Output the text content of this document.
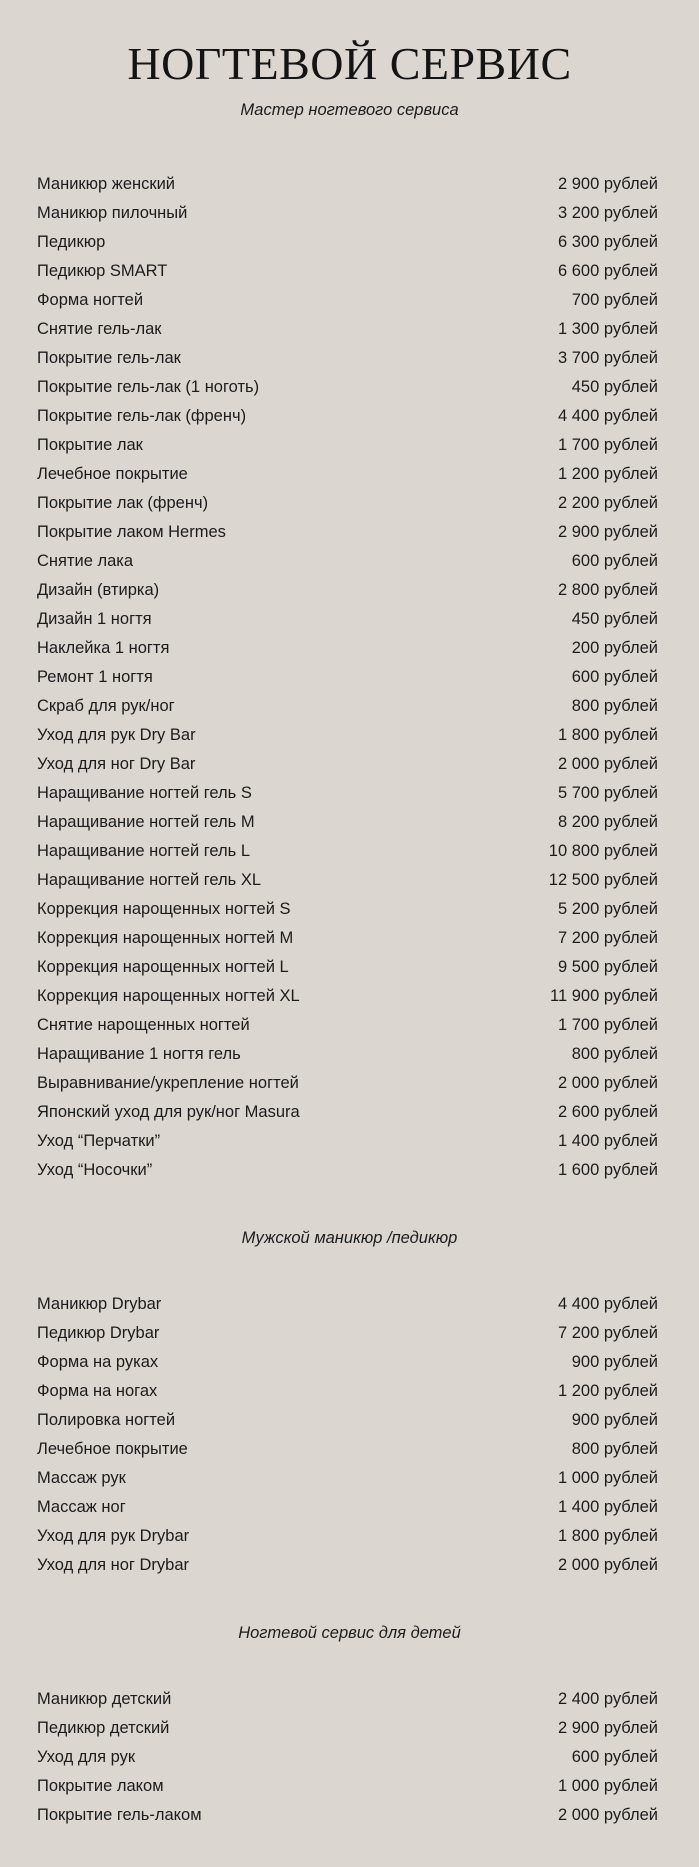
НОГТЕВОЙ СЕРВИС
Мастер ногтевого сервиса
Маникюр женский	2 900 рублей
Маникюр пилочный	3 200 рублей
Педикюр	6 300 рублей
Педикюр SMART	6 600 рублей
Форма ногтей	700 рублей
Снятие гель-лак	1 300 рублей
Покрытие гель-лак	3 700 рублей
Покрытие гель-лак (1 ноготь)	450 рублей
Покрытие гель-лак (френч)	4 400 рублей
Покрытие лак	1 700 рублей
Лечебное покрытие	1 200 рублей
Покрытие лак (френч)	2 200 рублей
Покрытие лаком Hermes	2 900 рублей
Снятие лака	600 рублей
Дизайн (втирка)	2 800 рублей
Дизайн 1 ногтя	450 рублей
Наклейка 1 ногтя	200 рублей
Ремонт 1 ногтя	600 рублей
Скраб для рук/ног	800 рублей
Уход для рук Dry Bar	1 800 рублей
Уход для ног Dry Bar	2 000 рублей
Наращивание ногтей гель S	5 700 рублей
Наращивание ногтей гель M	8 200 рублей
Наращивание ногтей гель L	10 800 рублей
Наращивание ногтей гель XL	12 500 рублей
Коррекция нарощенных ногтей S	5 200 рублей
Коррекция нарощенных ногтей M	7 200 рублей
Коррекция нарощенных ногтей L	9 500 рублей
Коррекция нарощенных ногтей XL	11 900 рублей
Снятие нарощенных ногтей	1 700 рублей
Наращивание 1 ногтя гель	800 рублей
Выравнивание/укрепление ногтей	2 000 рублей
Японский уход для рук/ног Masura	2 600 рублей
Уход “Перчатки”	1 400 рублей
Уход “Носочки”	1 600 рублей
Мужской маникюр /педикюр
Маникюр Drybar	4 400 рублей
Педикюр Drybar	7 200 рублей
Форма на руках	900 рублей
Форма на ногах	1 200 рублей
Полировка ногтей	900 рублей
Лечебное покрытие	800 рублей
Массаж рук	1 000 рублей
Массаж ног	1 400 рублей
Уход для рук Drybar	1 800 рублей
Уход для ног Drybar	2 000 рублей
Ногтевой сервис для детей
Маникюр детский	2 400 рублей
Педикюр детский	2 900 рублей
Уход для рук	600 рублей
Покрытие лаком	1 000 рублей
Покрытие гель-лаком	2 000 рублей
